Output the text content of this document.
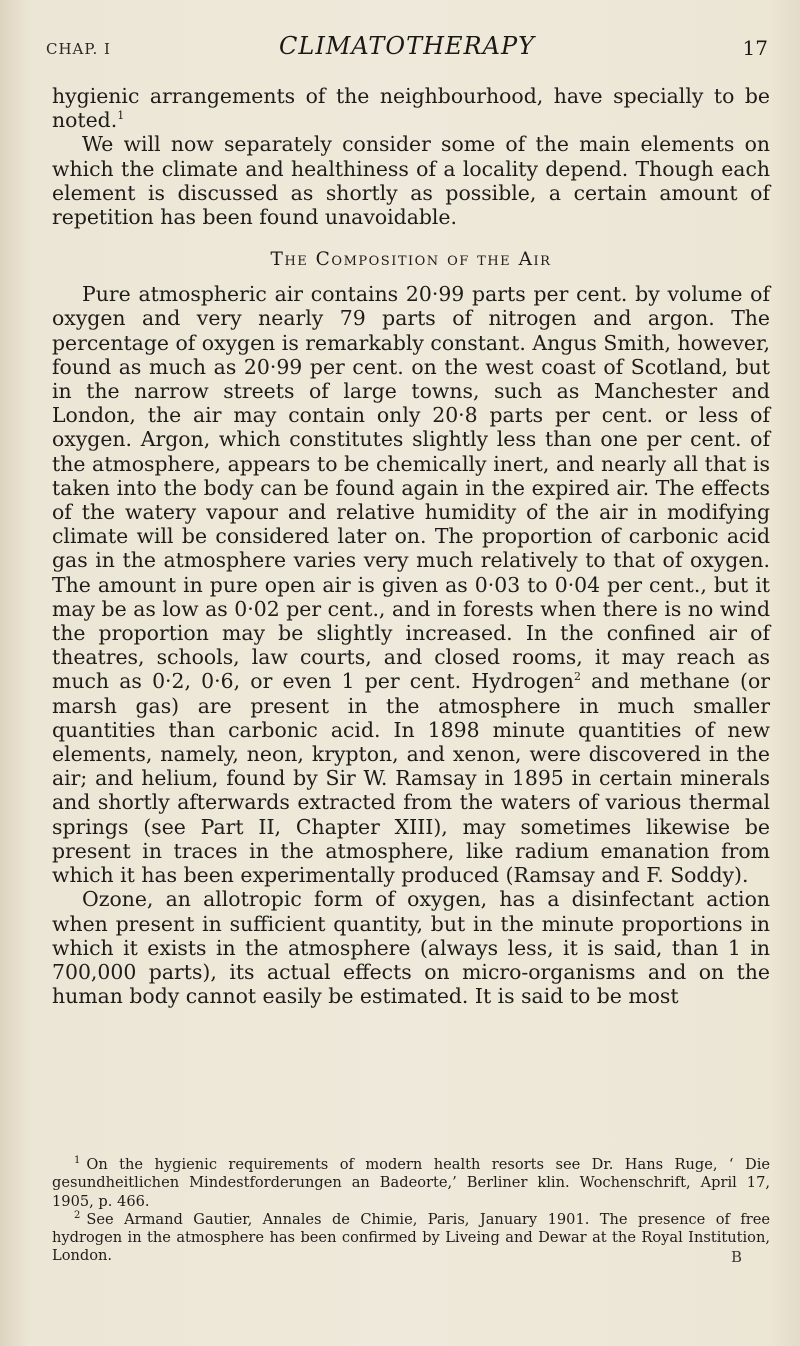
CHAP. I	CLIMATOTHERAPY	17

hygienic arrangements of the neighbourhood, have specially to be noted.$^1$

We will now separately consider some of the main elements on which the climate and healthiness of a locality depend. Though each element is discussed as shortly as possible, a certain amount of repetition has been found unavoidable.

The Composition of the Air

Pure atmospheric air contains 20·99 parts per cent. by volume of oxygen and very nearly 79 parts of nitrogen and argon. The percentage of oxygen is remarkably constant. Angus Smith, however, found as much as 20·99 per cent. on the west coast of Scotland, but in the narrow streets of large towns, such as Manchester and London, the air may contain only 20·8 parts per cent. or less of oxygen. Argon, which constitutes slightly less than one per cent. of the atmosphere, appears to be chemically inert, and nearly all that is taken into the body can be found again in the expired air. The effects of the watery vapour and relative humidity of the air in modifying climate will be considered later on. The proportion of carbonic acid gas in the atmosphere varies very much relatively to that of oxygen. The amount in pure open air is given as 0·03 to 0·04 per cent., but it may be as low as 0·02 per cent., and in forests when there is no wind the proportion may be slightly increased. In the confined air of theatres, schools, law courts, and closed rooms, it may reach as much as 0·2, 0·6, or even 1 per cent. Hydrogen$^2$ and methane (or marsh gas) are present in the atmosphere in much smaller quantities than carbonic acid. In 1898 minute quantities of new elements, namely, neon, krypton, and xenon, were discovered in the air; and helium, found by Sir W. Ramsay in 1895 in certain minerals and shortly afterwards extracted from the waters of various thermal springs (see Part II, Chapter XIII), may sometimes likewise be present in traces in the atmosphere, like radium emanation from which it has been experimentally produced (Ramsay and F. Soddy).

Ozone, an allotropic form of oxygen, has a disinfectant action when present in sufficient quantity, but in the minute proportions in which it exists in the atmosphere (always less, it is said, than 1 in 700,000 parts), its actual effects on micro-organisms and on the human body cannot easily be estimated. It is said to be most

$^1$ On the hygienic requirements of modern health resorts see Dr. Hans Ruge, ‘ Die gesundheitlichen Mindestforderungen an Badeorte,’ Berliner klin. Wochenschrift, April 17, 1905, p. 466.

$^2$ See Armand Gautier, Annales de Chimie, Paris, January 1901. The presence of free hydrogen in the atmosphere has been confirmed by Liveing and Dewar at the Royal Institution, London.	B
